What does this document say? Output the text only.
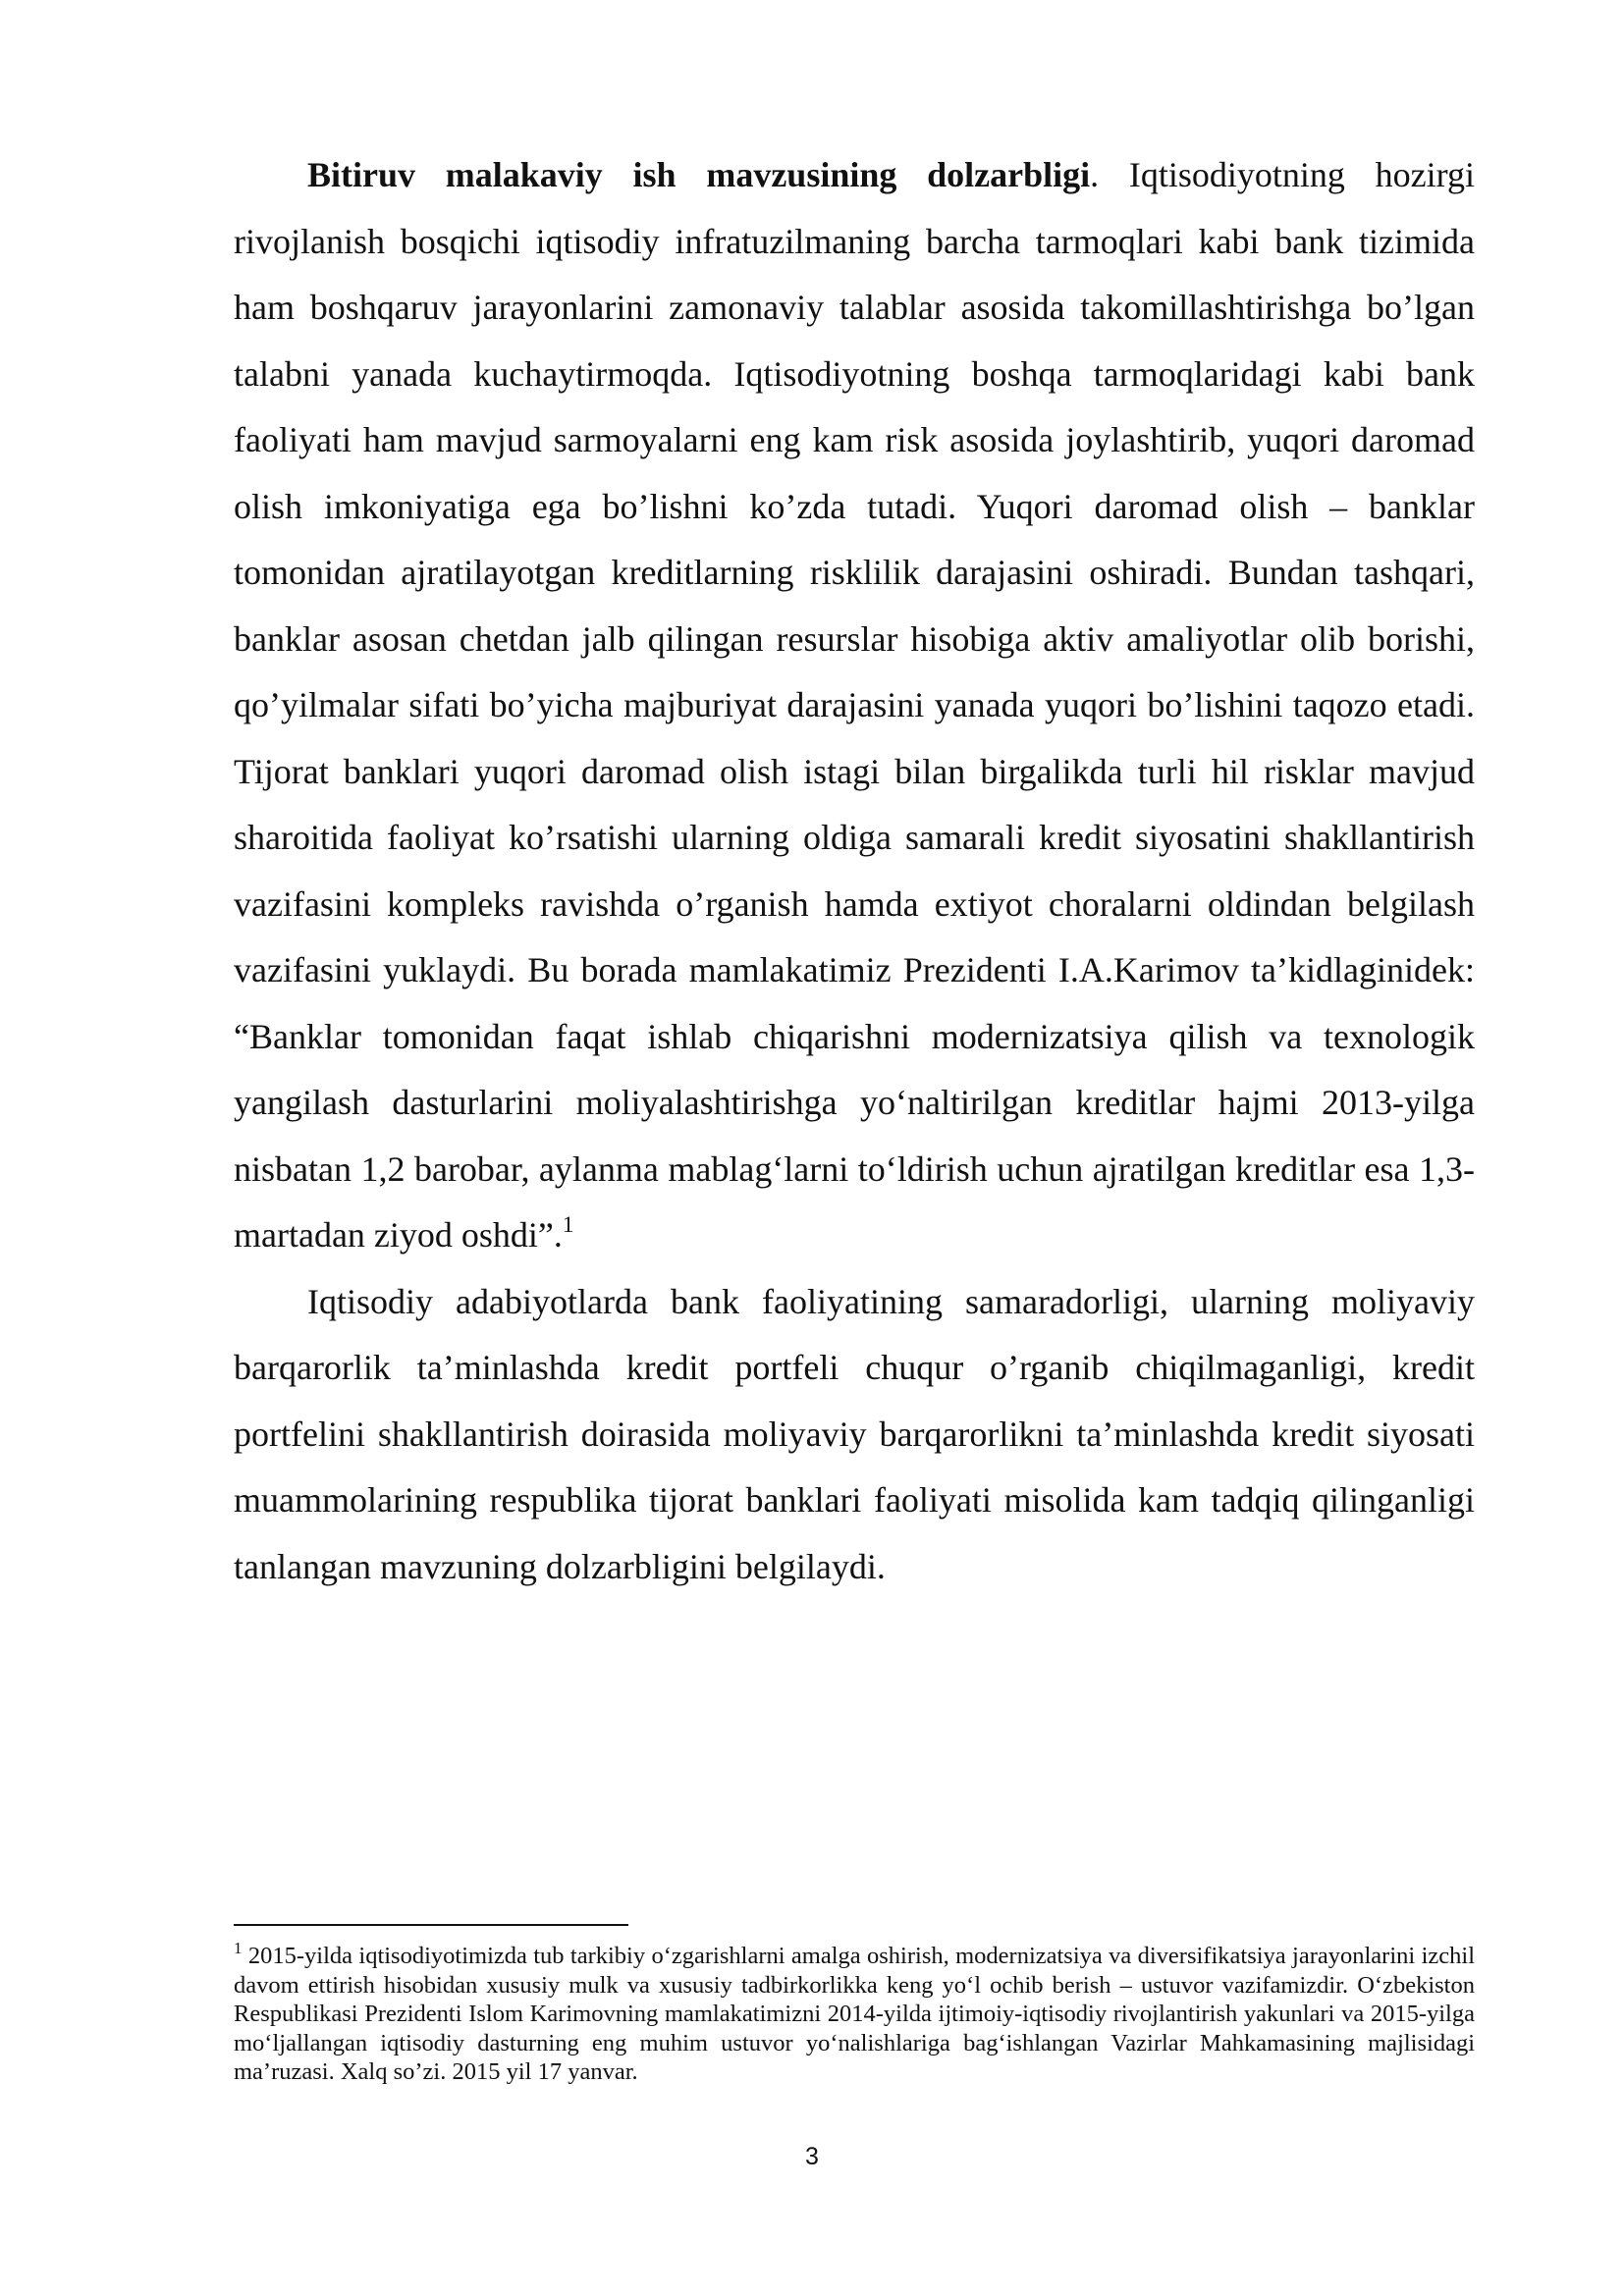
Bitiruv malakaviy ish mavzusining dolzarbligi. Iqtisodiyotning hozirgi rivojlanish bosqichi iqtisodiy infratuzilmaning barcha tarmoqlari kabi bank tizimida ham boshqaruv jarayonlarini zamonaviy talablar asosida takomillashtirishga bo’lgan talabni yanada kuchaytirmoqda. Iqtisodiyotning boshqa tarmoqlaridagi kabi bank faoliyati ham mavjud sarmoyalarni eng kam risk asosida joylashtirib, yuqori daromad olish imkoniyatiga ega bo’lishni ko’zda tutadi. Yuqori daromad olish – banklar tomonidan ajratilayotgan kreditlarning risklilik darajasini oshiradi. Bundan tashqari, banklar asosan chetdan jalb qilingan resurslar hisobiga aktiv amaliyotlar olib borishi, qo’yilmalar sifati bo’yicha majburiyat darajasini yanada yuqori bo’lishini taqozo etadi. Tijorat banklari yuqori daromad olish istagi bilan birgalikda turli hil risklar mavjud sharoitida faoliyat ko’rsatishi ularning oldiga samarali kredit siyosatini shakllantirish vazifasini kompleks ravishda o’rganish hamda extiyot choralarni oldindan belgilash vazifasini yuklaydi. Bu borada mamlakatimiz Prezidenti I.A.Karimov ta’kidlaginidek: “Banklar tomonidan faqat ishlab chiqarishni modernizatsiya qilish va texnologik yangilash dasturlarini moliyalashtirishga yo‘naltirilgan kreditlar hajmi 2013-yilga nisbatan 1,2 barobar, aylanma mablag‘larni to‘ldirish uchun ajratilgan kreditlar esa 1,3-martadan ziyod oshdi”.$^1$

Iqtisodiy adabiyotlarda bank faoliyatining samaradorligi, ularning moliyaviy barqarorlik ta’minlashda kredit portfeli chuqur o’rganib chiqilmaganligi, kredit portfelini shakllantirish doirasida moliyaviy barqarorlikni ta’minlashda kredit siyosati muammolarining respublika tijorat banklari faoliyati misolida kam tadqiq qilinganligi tanlangan mavzuning dolzarbligini belgilaydi.

$^1$ 2015-yilda iqtisodiyotimizda tub tarkibiy o‘zgarishlarni amalga oshirish, modernizatsiya va diversifikatsiya jarayonlarini izchil davom ettirish hisobidan xususiy mulk va xususiy tadbirkorlikka keng yo‘l ochib berish – ustuvor vazifamizdir. O‘zbekiston Respublikasi Prezidenti Islom Karimovning mamlakatimizni 2014-yilda ijtimoiy-iqtisodiy rivojlantirish yakunlari va 2015-yilga mo‘ljallangan iqtisodiy dasturning eng muhim ustuvor yo‘nalishlariga bag‘ishlangan Vazirlar Mahkamasining majlisidagi ma’ruzasi. Xalq so’zi. 2015 yil 17 yanvar.

3
